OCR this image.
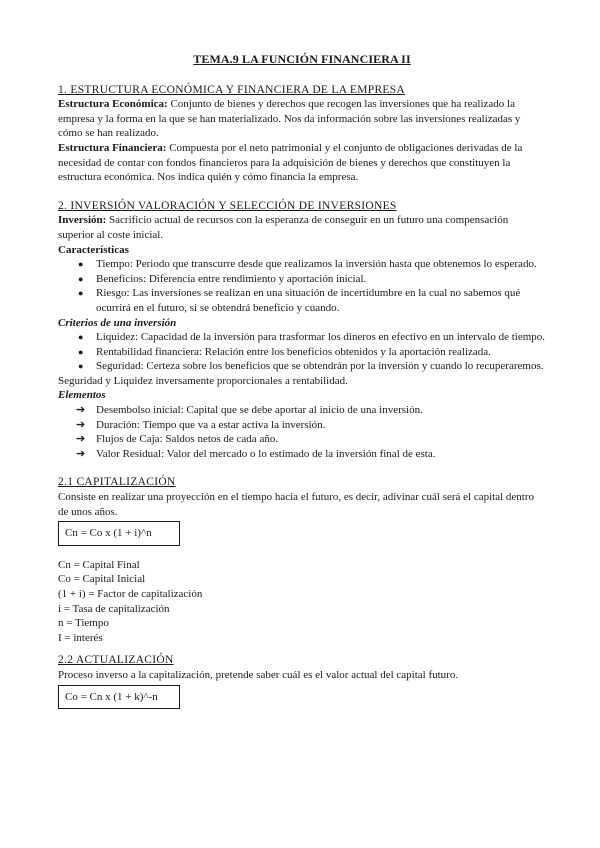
TEMA.9 LA FUNCIÓN FINANCIERA II
1. ESTRUCTURA ECONÓMICA Y FINANCIERA DE LA EMPRESA

Estructura Económica: Conjunto de bienes y derechos que recogen las inversiones que ha realizado la empresa y la forma en la que se han materializado. Nos da información sobre las inversiones realizadas y cómo se han realizado.

Estructura Financiera: Compuesta por el neto patrimonial y el conjunto de obligaciones derivadas de la necesidad de contar con fondos financieros para la adquisición de bienes y derechos que constituyen la estructura económica. Nos indica quién y cómo financia la empresa.

2. INVERSIÓN VALORACIÓN Y SELECCIÓN DE INVERSIONES

Inversión: Sacrificio actual de recursos con la esperanza de conseguir en un futuro una compensación superior al coste inicial.

Características
● Tiempo: Periodo que transcurre desde que realizamos la inversión hasta que obtenemos lo esperado.
● Beneficios: Diferencia entre rendimiento y aportación inicial.
● Riesgo: Las inversiones se realizan en una situación de incertidumbre en la cual no sabemos qué ocurrirá en el futuro, si se obtendrá beneficio y cuando.
Criterios de una inversión
● Liquidez: Capacidad de la inversión para trasformar los dineros en efectivo en un intervalo de tiempo.
● Rentabilidad financiera: Relación entre los beneficios obtenidos y la aportación realizada.
● Seguridad: Certeza sobre los beneficios que se obtendrán por la inversión y cuando lo recuperaremos.

Seguridad y Liquidez inversamente proporcionales a rentabilidad.

Elementos
➔ Desembolso inicial: Capital que se debe aportar al inicio de una inversión.
➔ Duración: Tiempo que va a estar activa la inversión.
➔ Flujos de Caja: Saldos netos de cada año.
➔ Valor Residual: Valor del mercado o lo estimado de la inversión final de esta.
2.1 CAPITALIZACIÓN

Consiste en realizar una proyección en el tiempo hacia el futuro, es decir, adivinar cuál será el capital dentro de unos años.

Cn = Co x (1 + i)^n
Cn = Capital Final
Co = Capital Inicial
(1 + i) = Factor de capitalización
i = Tasa de capitalización
n = Tiempo
I = interés
2.2 ACTUALIZACIÓN

Proceso inverso a la capitalización, pretende saber cuál es el valor actual del capital futuro.

Co = Cn x (1 + k)^-n
